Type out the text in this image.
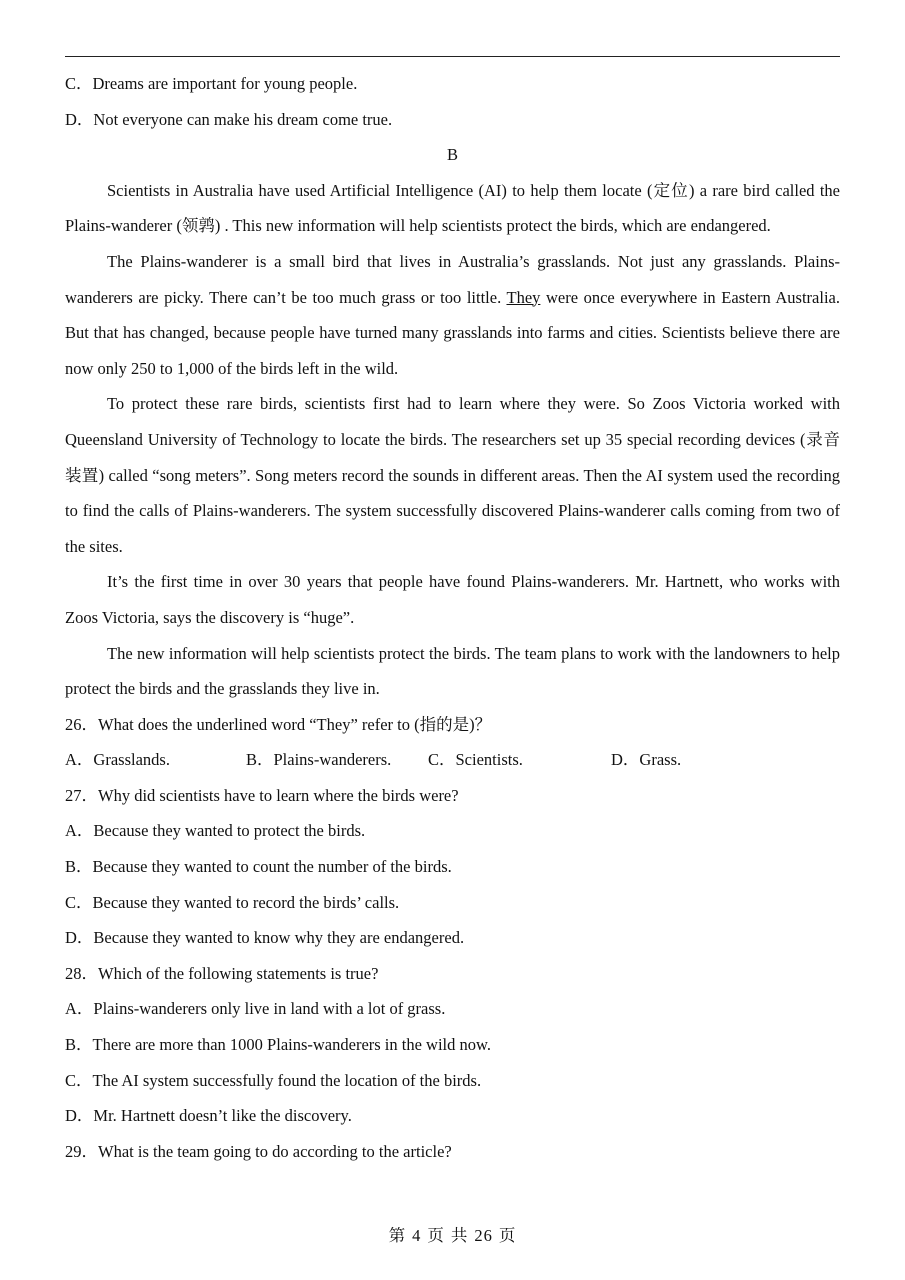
C．Dreams are important for young people.

D．Not everyone can make his dream come true.

B

Scientists in Australia have used Artificial Intelligence (AI) to help them locate (定位) a rare bird called the Plains-wanderer (领鹑) . This new information will help scientists protect the birds, which are endangered.

The Plains-wanderer is a small bird that lives in Australia’s grasslands. Not just any grasslands. Plains-wanderers are picky. There can’t be too much grass or too little. They were once everywhere in Eastern Australia. But that has changed, because people have turned many grasslands into farms and cities. Scientists believe there are now only 250 to 1,000 of the birds left in the wild.

To protect these rare birds, scientists first had to learn where they were. So Zoos Victoria worked with Queensland University of Technology to locate the birds. The researchers set up 35 special recording devices (录音装置) called “song meters”. Song meters record the sounds in different areas. Then the AI system used the recording to find the calls of Plains-wanderers. The system successfully discovered Plains-wanderer calls coming from two of the sites.

It’s the first time in over 30 years that people have found Plains-wanderers. Mr. Hartnett, who works with Zoos Victoria, says the discovery is “huge”.

The new information will help scientists protect the birds. The team plans to work with the landowners to help protect the birds and the grasslands they live in.

26．What does the underlined word “They” refer to (指的是)？

A．Grasslands.	B．Plains-wanderers. C．Scientists.	D．Grass.

27．Why did scientists have to learn where the birds were?

A．Because they wanted to protect the birds.

B．Because they wanted to count the number of the birds.

C．Because they wanted to record the birds’ calls.

D．Because they wanted to know why they are endangered.

28．Which of the following statements is true?

A．Plains-wanderers only live in land with a lot of grass.

B．There are more than 1000 Plains-wanderers in the wild now.

C．The AI system successfully found the location of the birds.

D．Mr. Hartnett doesn’t like the discovery.

29．What is the team going to do according to the article?

第 4 页 共 26 页
